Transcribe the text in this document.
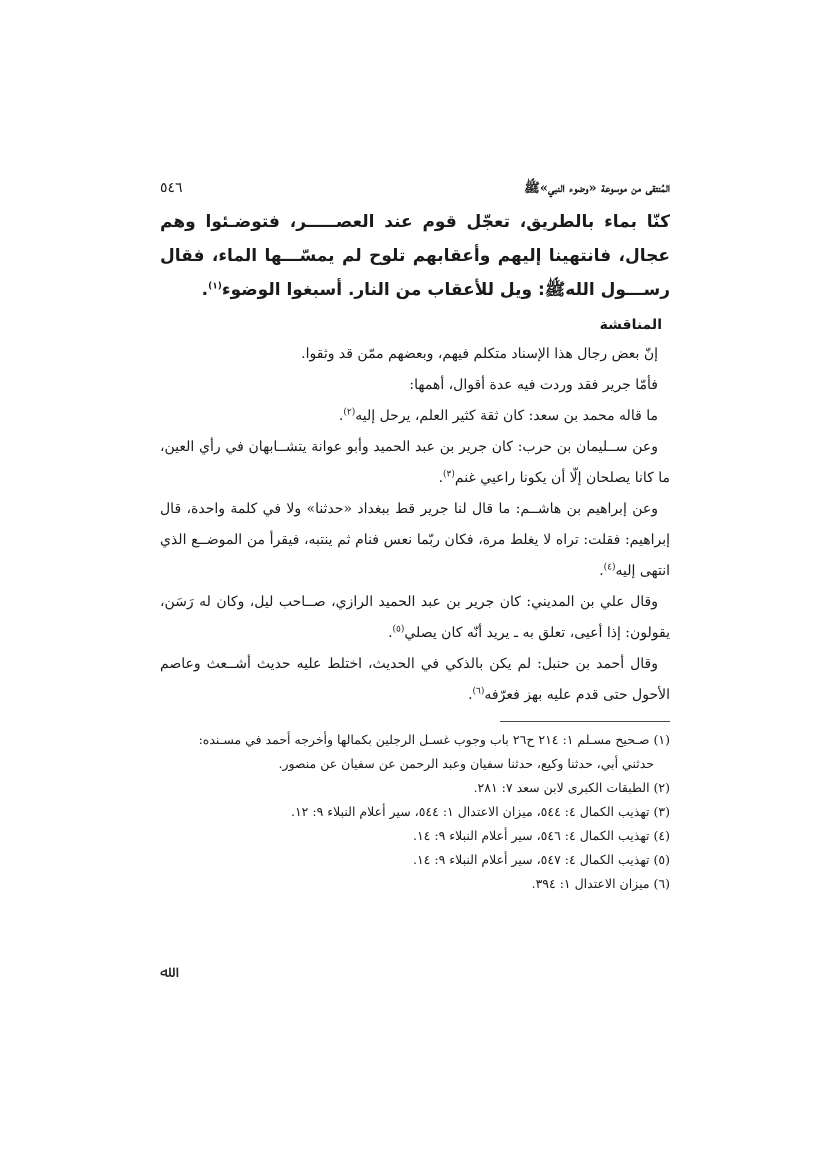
المُنتقى من موسوعة «وضوء النبي»ﷺ
٥٤٦
كنّا بماء بالطريق، تعجّل قوم عند العصـــــر، فتوضـئوا وهم عجال، فانتهينا إليهم وأعقابهم تلوح لم يمسّـــها الماء، فقال رســـول اللهﷺ: ويل للأعقاب من النار. أسبغوا الوضوء$^{(١)}$.
المناقشة

إنّ بعض رجال هذا الإسناد متكلم فيهم، وبعضهم ممّن قد وثقوا.

فأمّا جرير فقد وردت فيه عدة أقوال، أهمها:

ما قاله محمد بن سعد: كان ثقة كثير العلم، يرحل إليه$^{(٢)}$.

وعن ســليمان بن حرب: كان جرير بن عبد الحميد وأبو عوانة يتشــابهان في رأي العين، ما كانا يصلحان إلّا أن يكونا راعيي غنم$^{(٣)}$.

وعن إبراهيم بن هاشــم: ما قال لنا جرير قط ببغداد «حدثنا» ولا في كلمة واحدة، قال إبراهيم: فقلت: تراه لا يغلط مرة، فكان ربّما نعس فنام ثم ينتبه، فيقرأ من الموضــع الذي انتهى إليه$^{(٤)}$.

وقال علي بن المديني: كان جرير بن عبد الحميد الرازي، صــاحب ليل، وكان له رَسَن، يقولون: إذا أعيى، تعلق به ـ يريد أنّه كان يصلي$^{(٥)}$.

وقال أحمد بن حنبل: لم يكن بالذكي في الحديث، اختلط عليه حديث أشــعث وعاصم الأحول حتى قدم عليه بهز فعرّفه$^{(٦)}$.

(١) صـحيح مسـلم ١: ٢١٤ ح٢٦ باب وجوب غسـل الرجلين بكمالها وأخرجه أحمد في مسـنده:

حدثني أبي، حدثنا وكيع، حدثنا سفيان وعبد الرحمن عن سفيان عن منصور.

(٢) الطبقات الكبرى لابن سعد ٧: ٢٨١.

(٣) تهذيب الكمال ٤: ٥٤٤، ميزان الاعتدال ١: ٥٤٤، سير أعلام النبلاء ٩: ١٢.

(٤) تهذيب الكمال ٤: ٥٤٦، سير أعلام النبلاء ٩: ١٤.

(٥) تهذيب الكمال ٤: ٥٤٧، سير أعلام النبلاء ٩: ١٤.

(٦) ميزان الاعتدال ١: ٣٩٤.

ﷲ
